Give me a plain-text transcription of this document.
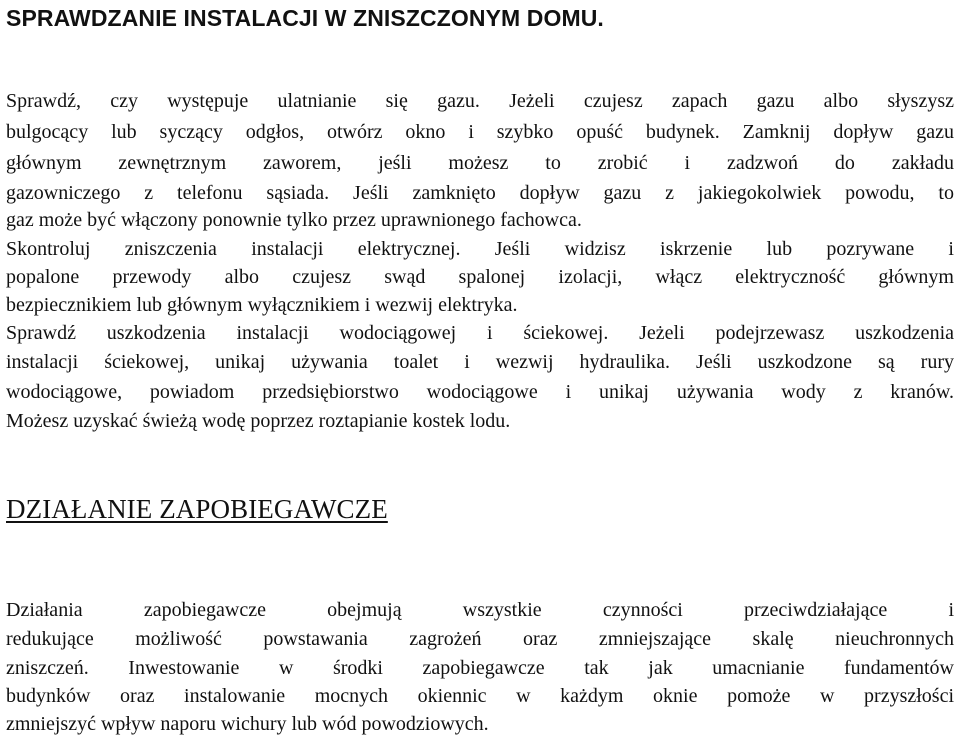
SPRAWDZANIE INSTALACJI W ZNISZCZONYM DOMU.

Sprawdź, czy występuje ulatnianie się gazu. Jeżeli czujesz zapach gazu albo słyszysz

bulgocący lub syczący odgłos, otwórz okno i szybko opuść budynek. Zamknij dopływ gazu

głównym zewnętrznym zaworem, jeśli możesz to zrobić i zadzwoń do zakładu

gazowniczego z telefonu sąsiada. Jeśli zamknięto dopływ gazu z jakiegokolwiek powodu, to

gaz może być włączony ponownie tylko przez uprawnionego fachowca.

Skontroluj zniszczenia instalacji elektrycznej. Jeśli widzisz iskrzenie lub pozrywane i

popalone przewody albo czujesz swąd spalonej izolacji, włącz elektryczność głównym

bezpiecznikiem lub głównym wyłącznikiem i wezwij elektryka.

Sprawdź uszkodzenia instalacji wodociągowej i ściekowej. Jeżeli podejrzewasz uszkodzenia

instalacji ściekowej, unikaj używania toalet i wezwij hydraulika. Jeśli uszkodzone są rury

wodociągowe, powiadom przedsiębiorstwo wodociągowe i unikaj używania wody z kranów.

Możesz uzyskać świeżą wodę poprzez roztapianie kostek lodu.

DZIAŁANIE ZAPOBIEGAWCZE

Działania zapobiegawcze obejmują wszystkie czynności przeciwdziałające i

redukujące możliwość powstawania zagrożeń oraz zmniejszające skalę nieuchronnych

zniszczeń. Inwestowanie w środki zapobiegawcze tak jak umacnianie fundamentów

budynków oraz instalowanie mocnych okiennic w każdym oknie pomoże w przyszłości

zmniejszyć wpływ naporu wichury lub wód powodziowych.
